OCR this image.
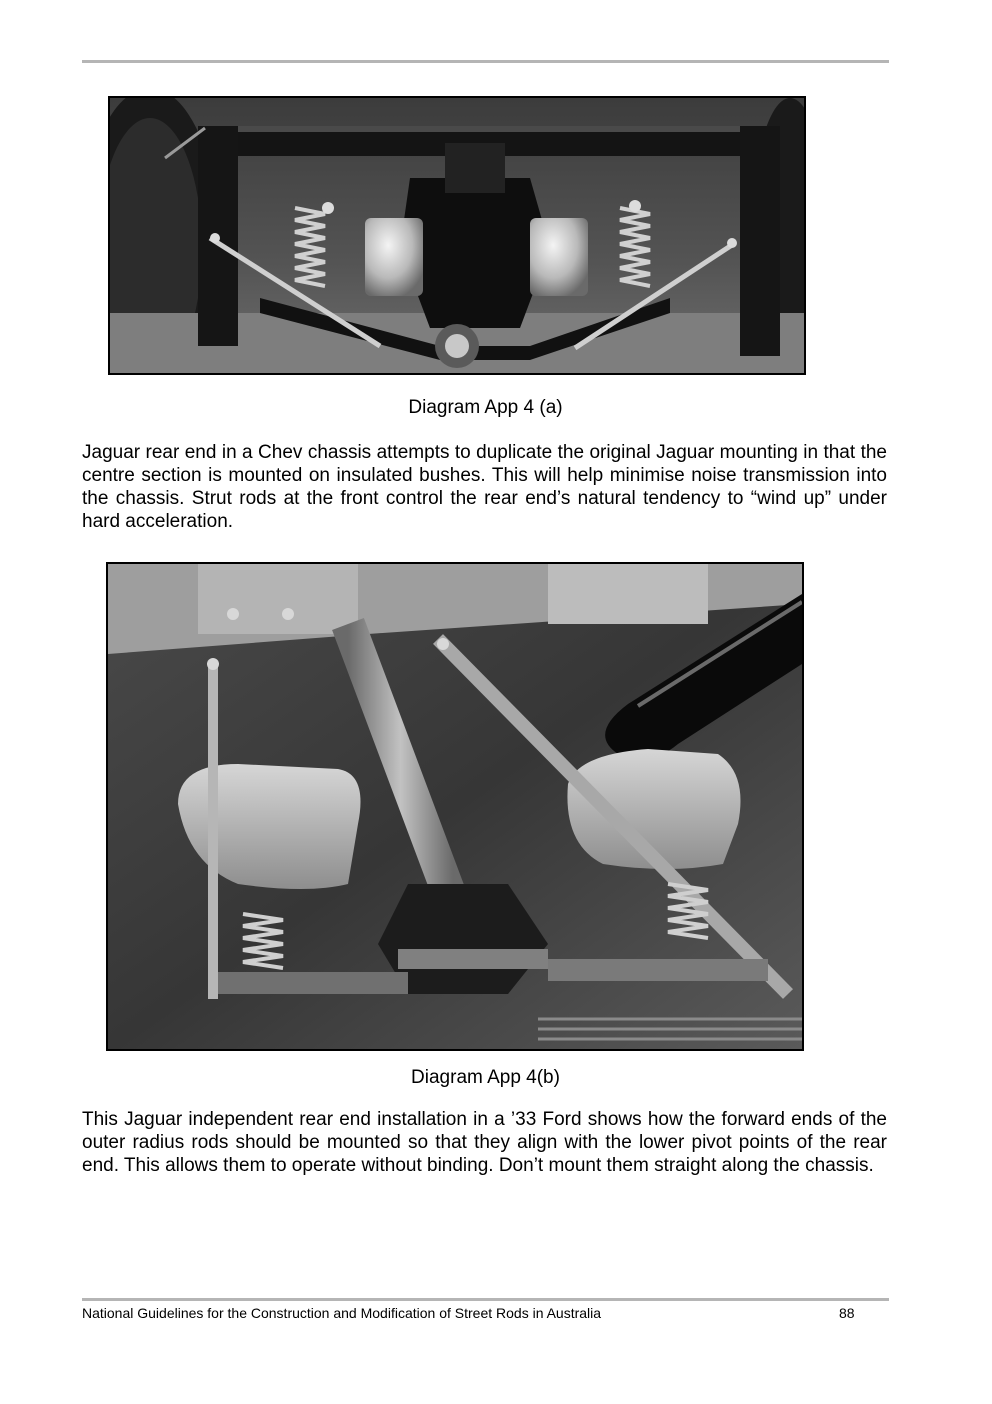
Diagram App 4 (a)

Jaguar rear end in a Chev chassis attempts to duplicate the original Jaguar mounting in that the centre section is mounted on insulated bushes. This will help minimise noise transmission into the chassis. Strut rods at the front control the rear end’s natural tendency to “wind up” under hard acceleration.

Diagram App 4(b)

This Jaguar independent rear end installation in a ’33 Ford shows how the forward ends of the outer radius rods should be mounted so that they align with the lower pivot points of the rear end. This allows them to operate without binding. Don’t mount them straight along the chassis.

National Guidelines for the Construction and Modification of Street Rods in Australia	88
